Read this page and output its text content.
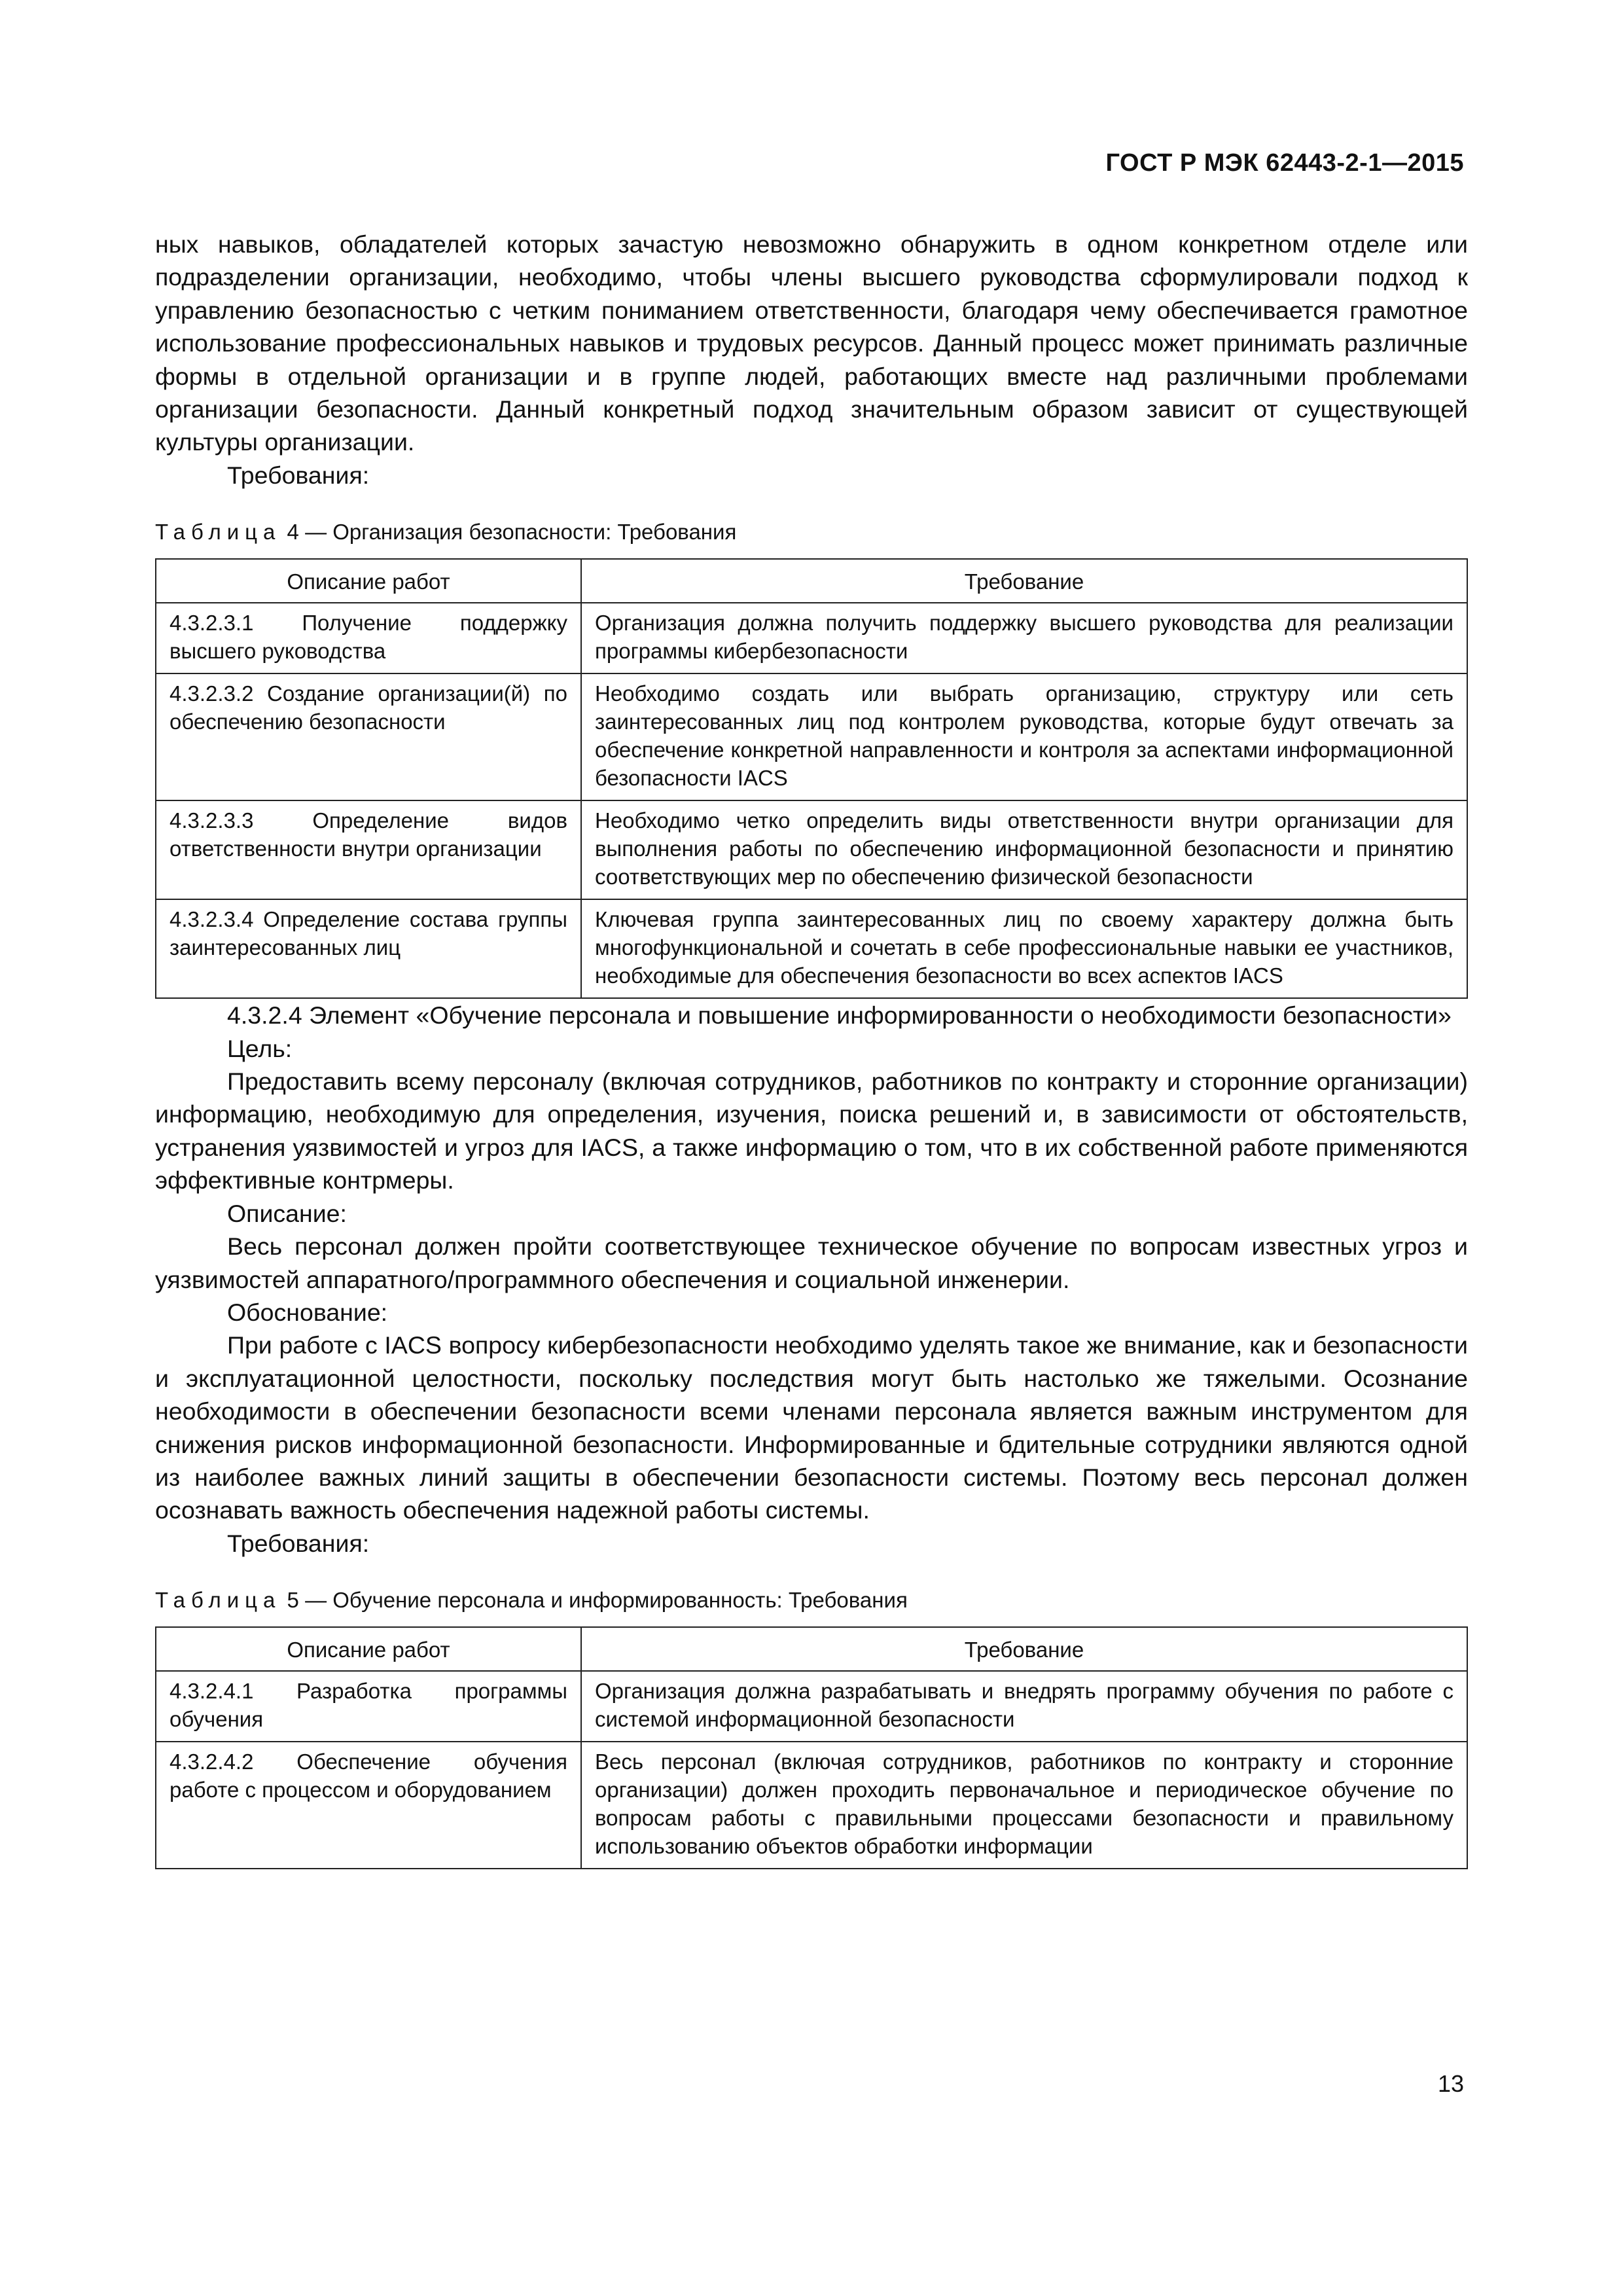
ГОСТ Р МЭК 62443-2-1—2015

ных навыков, обладателей которых зачастую невозможно обнаружить в одном конкретном отделе или подразделении организации, необходимо, чтобы члены высшего руководства сформулировали подход к управлению безопасностью с четким пониманием ответственности, благодаря чему обеспечивается грамотное использование профессиональных навыков и трудовых ресурсов. Данный процесс может принимать различные формы в отдельной организации и в группе людей, работающих вместе над различными проблемами организации безопасности. Данный конкретный подход значительным образом зависит от существующей культуры организации.

Требования:

Таблица 4 — Организация безопасности: Требования
Описание работ	Требование
4.3.2.3.1 Получение поддержку высшего руководства	Организация должна получить поддержку высшего руководства для реализации программы кибербезопасности
4.3.2.3.2 Создание организации(й) по обеспечению безопасности	Необходимо создать или выбрать организацию, структуру или сеть заинтересованных лиц под контролем руководства, которые будут отвечать за обеспечение конкретной направленности и контроля за аспектами информационной безопасности IACS
4.3.2.3.3 Определение видов ответственности внутри организации	Необходимо четко определить виды ответственности внутри организации для выполнения работы по обеспечению информационной безопасности и принятию соответствующих мер по обеспечению физической безопасности
4.3.2.3.4 Определение состава группы заинтересованных лиц	Ключевая группа заинтересованных лиц по своему характеру должна быть многофункциональной и сочетать в себе профессиональные навыки ее участников, необходимые для обеспечения безопасности во всех аспектов IACS

4.3.2.4 Элемент «Обучение персонала и повышение информированности о необходимости безопасности»

Цель:

Предоставить всему персоналу (включая сотрудников, работников по контракту и сторонние организации) информацию, необходимую для определения, изучения, поиска решений и, в зависимости от обстоятельств, устранения уязвимостей и угроз для IACS, а также информацию о том, что в их собственной работе применяются эффективные контрмеры.

Описание:

Весь персонал должен пройти соответствующее техническое обучение по вопросам известных угроз и уязвимостей аппаратного/программного обеспечения и социальной инженерии.

Обоснование:

При работе с IACS вопросу кибербезопасности необходимо уделять такое же внимание, как и безопасности и эксплуатационной целостности, поскольку последствия могут быть настолько же тяжелыми. Осознание необходимости в обеспечении безопасности всеми членами персонала является важным инструментом для снижения рисков информационной безопасности. Информированные и бдительные сотрудники являются одной из наиболее важных линий защиты в обеспечении безопасности системы. Поэтому весь персонал должен осознавать важность обеспечения надежной работы системы.

Требования:

Таблица 5 — Обучение персонала и информированность: Требования
Описание работ	Требование
4.3.2.4.1 Разработка программы обучения	Организация должна разрабатывать и внедрять программу обучения по работе с системой информационной безопасности
4.3.2.4.2 Обеспечение обучения работе с процессом и оборудованием	Весь персонал (включая сотрудников, работников по контракту и сторонние организации) должен проходить первоначальное и периодическое обучение по вопросам работы с правильными процессами безопасности и правильному использованию объектов обработки информации
13
